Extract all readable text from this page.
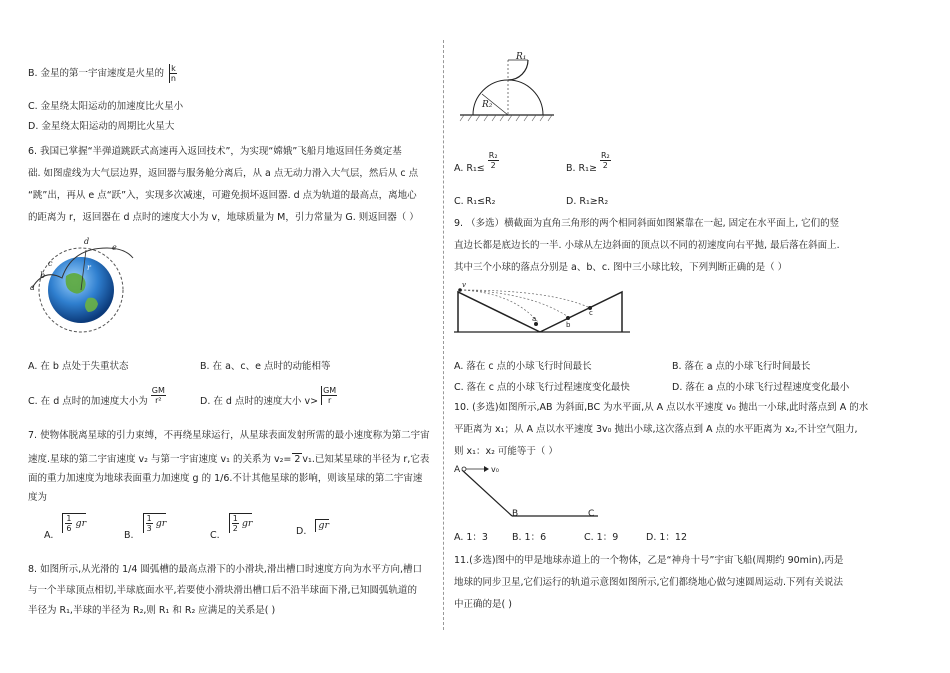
B. 金星的第一宇宙速度是火星的 $\frac{k}{n}$
C. 金星绕太阳运动的加速度比火星小
D. 金星绕太阳运动的周期比火星大
6. 我国已掌握“半弹道跳跃式高速再入返回技术”，为实现“嫦娥”飞船月地返回任务奠定基
础. 如图虚线为大气层边界，返回器与服务舱分离后，从 a 点无动力滑入大气层，然后从 c 点
“跳”出，再从 e 点“跃”入，实现多次减速，可避免损坏返回器. d 点为轨道的最高点，离地心
的距离为 r，返回器在 d 点时的速度大小为 v，地球质量为 M，引力常量为 G. 则返回器（ ）
d
e
c
b
a
r
A. 在 b 点处于失重状态	B. 在 a、c、e 点时的动能相等
C. 在 d 点时的加速度大小为 $\frac{GM}{\text{r²}}$	D. 在 d 点时的速度大小 $v> \frac{GM}{r}$
7. 使物体脱离星球的引力束缚，不再绕星球运行，从星球表面发射所需的最小速度称为第二宇宙
速度.星球的第二宇宙速度 v₂ 与第一宇宙速度 v₁ 的关系为 v₂= 2 v₁.已知某星球的半径为 r,它表
面的重力加速度为地球表面重力加速度 g 的 1/6.不计其他星球的影响，则该星球的第二宇宙速
度为
A.
$\frac{1}{6}$ gr
B.
$\frac{1}{3}$ gr
C.
$\frac{1}{2}$ gr
D. gr
8. 如图所示,从光滑的 1/4 圆弧槽的最高点滑下的小滑块,滑出槽口时速度方向为水平方向,槽口
与一个半球顶点相切,半球底面水平,若要使小滑块滑出槽口后不沿半球面下滑,已知圆弧轨道的
半径为 R₁,半球的半径为 R₂,则 R₁ 和 R₂ 应满足的关系是( )
R₁
R₂
A. $R_1\le \frac{\text{R₂}}{2}$	B. $R_1\ge \frac{\text{R₂}}{2}$
C. R₁≤R₂	D. R₁≥R₂
9. （多选）横截面为直角三角形的两个相同斜面如图紧靠在一起, 固定在水平面上, 它们的竖
直边长都是底边长的一半. 小球从左边斜面的顶点以不同的初速度向右平抛, 最后落在斜面上.
其中三个小球的落点分别是 a、b、c. 图中三小球比较，下列判断正确的是（ ）
v
a
b
c
A. 落在 c 点的小球飞行时间最长	B. 落在 a 点的小球飞行时间最长
C. 落在 c 点的小球飞行过程速度变化最快	D. 落在 a 点的小球飞行过程速度变化最小
10. (多选)如图所示,AB 为斜面,BC 为水平面,从 A 点以水平速度 v₀ 抛出一小球,此时落点到 A 的水
平距离为 x₁；从 A 点以水平速度 3v₀ 抛出小球,这次落点到 A 点的水平距离为 x₂,不计空气阻力,
则 x₁：x₂ 可能等于（ ）
A	v₀
B	C
A. 1：3	B. 1：6	C. 1：9	D. 1：12
11.(多选)图中的甲是地球赤道上的一个物体，乙是“神舟十号”宇宙飞船(周期约 90min),丙是
地球的同步卫星,它们运行的轨道示意图如图所示,它们都绕地心做匀速圆周运动.下列有关说法
中正确的是( )
